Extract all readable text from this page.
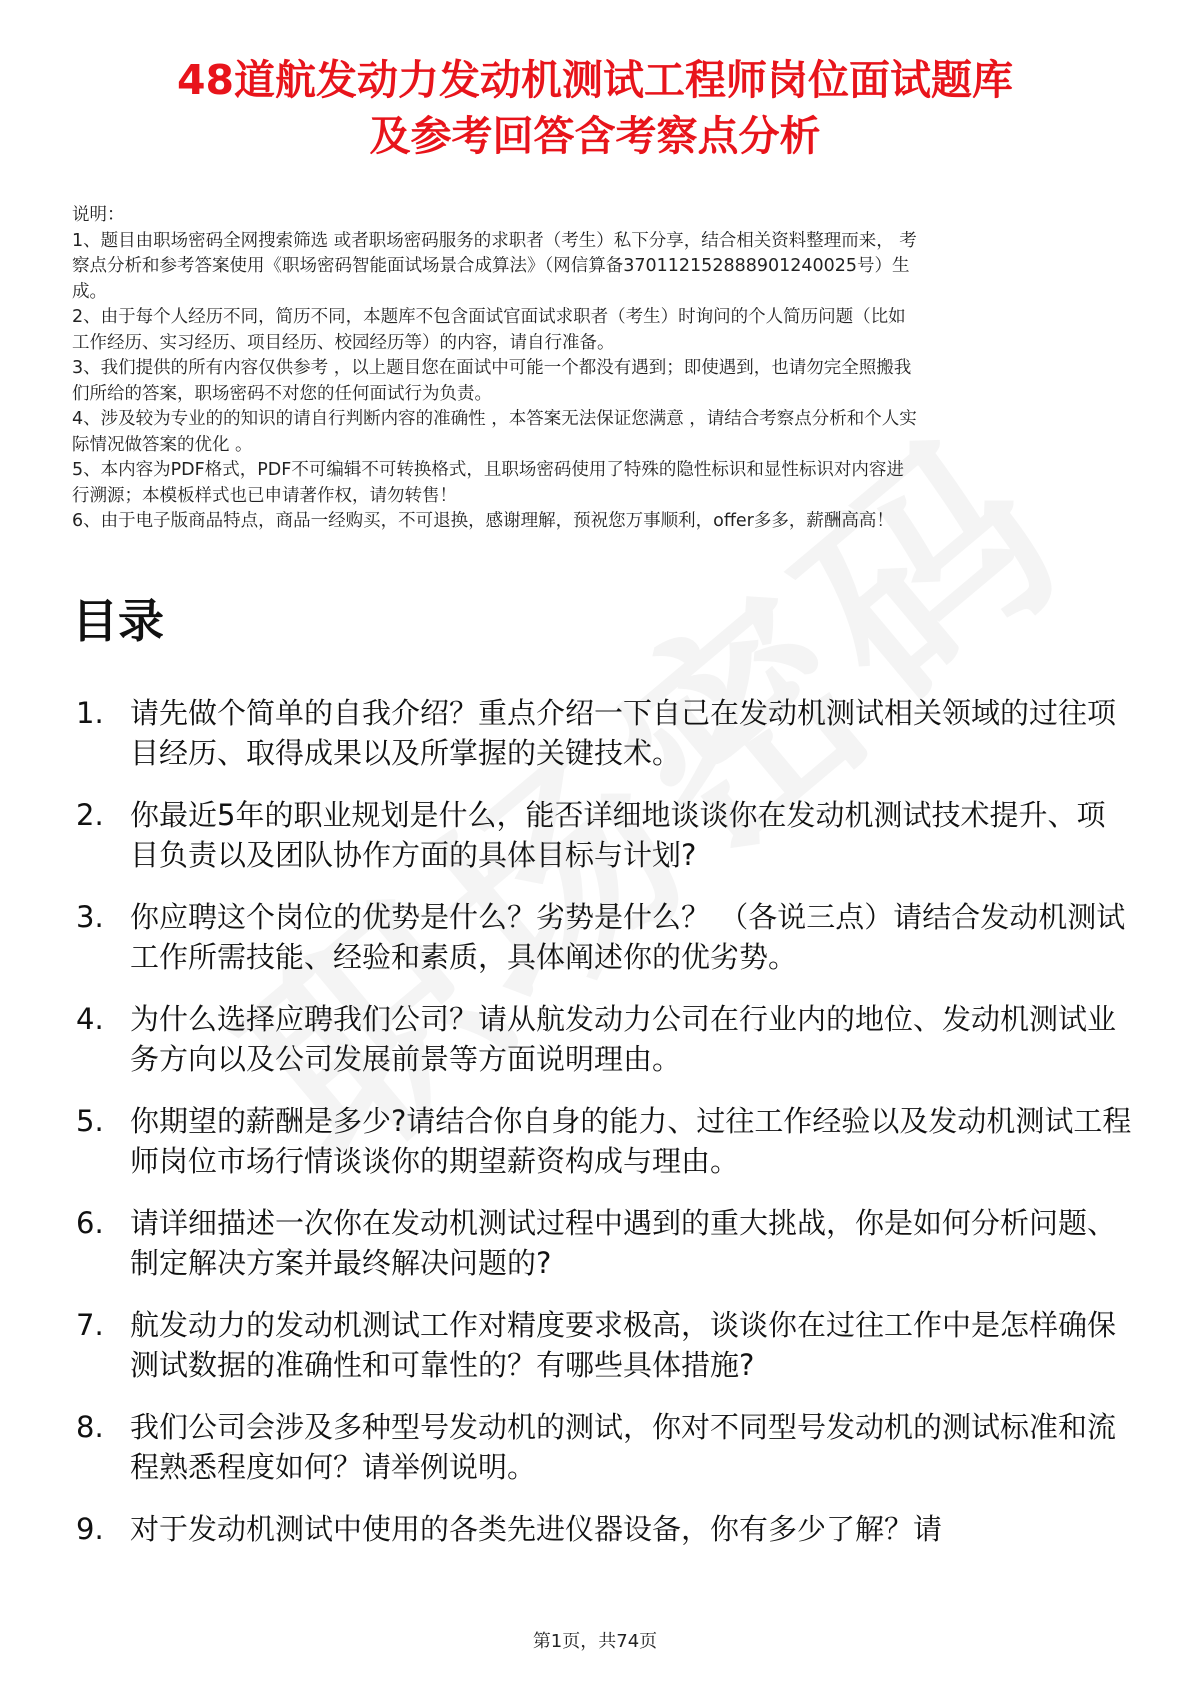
48道航发动力发动机测试工程师岗位面试题库
及参考回答含考察点分析
说明：
1、题目由职场密码全网搜索筛选 或者职场密码服务的求职者（考生）私下分享，结合相关资料整理而来， 考
察点分析和参考答案使用《职场密码智能面试场景合成算法》（网信算备370112152888901240025号）生
成。
2、由于每个人经历不同，简历不同，本题库不包含面试官面试求职者（考生）时询问的个人简历问题（比如
工作经历、实习经历、项目经历、校园经历等）的内容，请自行准备。
3、我们提供的所有内容仅供参考 ，以上题目您在面试中可能一个都没有遇到；即使遇到，也请勿完全照搬我
们所给的答案，职场密码不对您的任何面试行为负责。
4、涉及较为专业的的知识的请自行判断内容的准确性 ，本答案无法保证您满意 ，请结合考察点分析和个人实
际情况做答案的优化 。
5、本内容为PDF格式，PDF不可编辑不可转换格式，且职场密码使用了特殊的隐性标识和显性标识对内容进
行溯源；本模板样式也已申请著作权，请勿转售！
6、由于电子版商品特点，商品一经购买，不可退换，感谢理解，预祝您万事顺利，offer多多，薪酬高高！
目录
1. 请先做个简单的自我介绍？重点介绍一下自己在发动机测试相关领域的过往项目经历、取得成果以及所掌握的关键技术。
2. 你最近5年的职业规划是什么，能否详细地谈谈你在发动机测试技术提升、项目负责以及团队协作方面的具体目标与计划?
3. 你应聘这个岗位的优势是什么？劣势是什么？ （各说三点）请结合发动机测试工作所需技能、经验和素质，具体阐述你的优劣势。
4. 为什么选择应聘我们公司？请从航发动力公司在行业内的地位、发动机测试业务方向以及公司发展前景等方面说明理由。
5. 你期望的薪酬是多少?请结合你自身的能力、过往工作经验以及发动机测试工程师岗位市场行情谈谈你的期望薪资构成与理由。
6. 请详细描述一次你在发动机测试过程中遇到的重大挑战，你是如何分析问题、制定解决方案并最终解决问题的?
7. 航发动力的发动机测试工作对精度要求极高，谈谈你在过往工作中是怎样确保测试数据的准确性和可靠性的？有哪些具体措施?
8. 我们公司会涉及多种型号发动机的测试，你对不同型号发动机的测试标准和流程熟悉程度如何？请举例说明。
9. 对于发动机测试中使用的各类先进仪器设备，你有多少了解？请
第1页，共74页
